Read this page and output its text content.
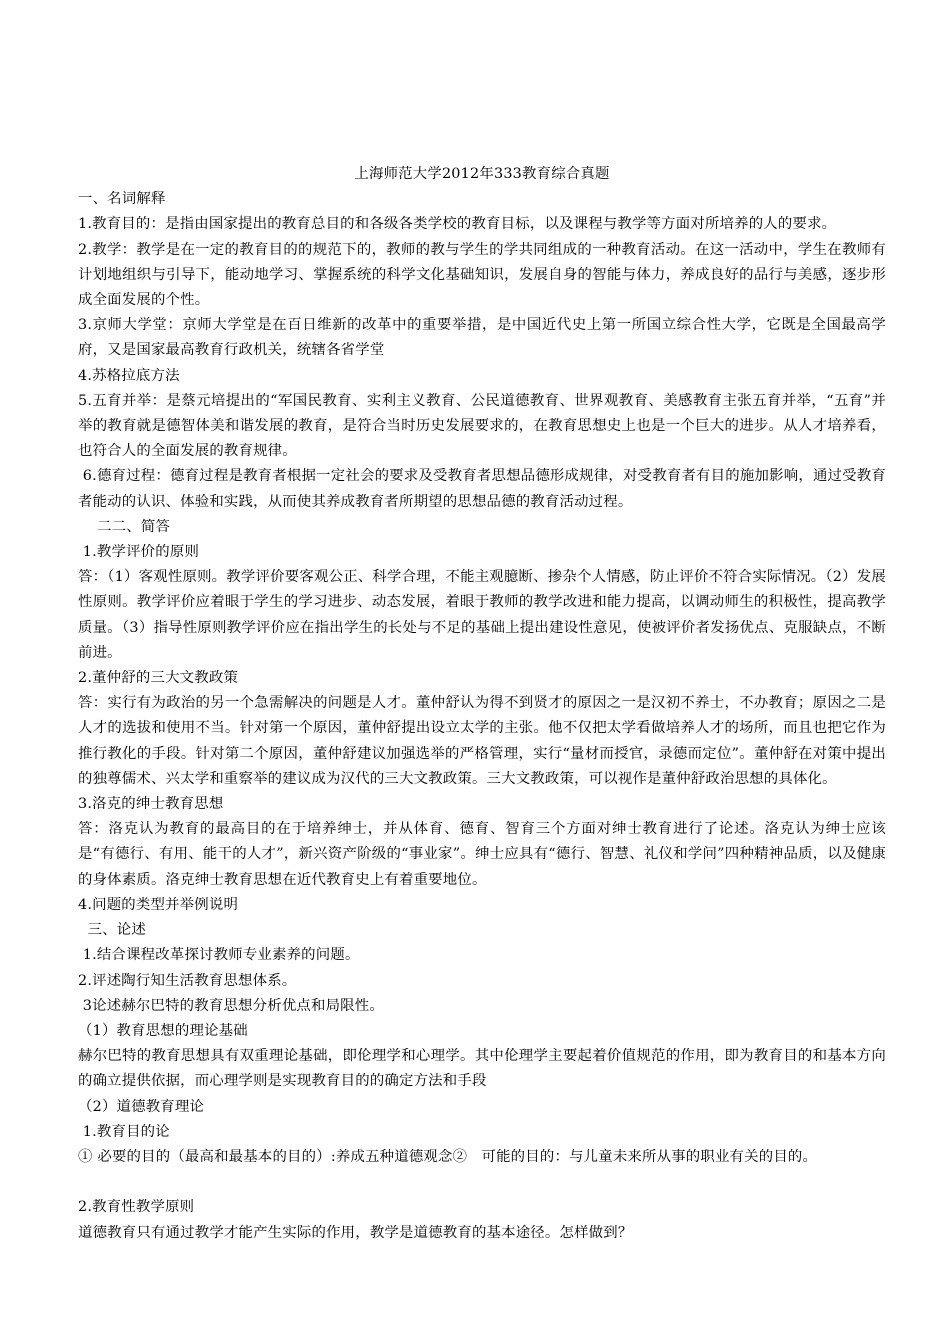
上海师范大学2012年333教育综合真题

一、名词解释

1.教育目的：是指由国家提出的教育总目的和各级各类学校的教育目标，以及课程与教学等方面对所培养的人的要求。

2.教学：教学是在一定的教育目的的规范下的，教师的教与学生的学共同组成的一种教育活动。在这一活动中，学生在教师有计划地组织与引导下，能动地学习、掌握系统的科学文化基础知识，发展自身的智能与体力，养成良好的品行与美感，逐步形成全面发展的个性。

3.京师大学堂：京师大学堂是在百日维新的改革中的重要举措，是中国近代史上第一所国立综合性大学，它既是全国最高学府，又是国家最高教育行政机关，统辖各省学堂

4.苏格拉底方法

5.五育并举：是蔡元培提出的“军国民教育、实利主义教育、公民道德教育、世界观教育、美感教育主张五育并举，“五育”并举的教育就是德智体美和谐发展的教育，是符合当时历史发展要求的，在教育思想史上也是一个巨大的进步。从人才培养看，也符合人的全面发展的教育规律。

6.德育过程：德育过程是教育者根据一定社会的要求及受教育者思想品德形成规律，对受教育者有目的施加影响，通过受教育者能动的认识、体验和实践，从而使其养成教育者所期望的思想品德的教育活动过程。

二二、简答

1.教学评价的原则

答：（1）客观性原则。教学评价要客观公正、科学合理，不能主观臆断、掺杂个人情感，防止评价不符合实际情况。（2）发展性原则。教学评价应着眼于学生的学习进步、动态发展，着眼于教师的教学改进和能力提高，以调动师生的积极性，提高教学质量。（3）指导性原则教学评价应在指出学生的长处与不足的基础上提出建设性意见，使被评价者发扬优点、克服缺点，不断前进。

2.董仲舒的三大文教政策

答：实行有为政治的另一个急需解决的问题是人才。董仲舒认为得不到贤才的原因之一是汉初不养士，不办教育；原因之二是人才的选拔和使用不当。针对第一个原因，董仲舒提出设立太学的主张。他不仅把太学看做培养人才的场所，而且也把它作为推行教化的手段。针对第二个原因，董仲舒建议加强选举的严格管理，实行“量材而授官，录德而定位”。董仲舒在对策中提出的独尊儒术、兴太学和重察举的建议成为汉代的三大文教政策。三大文教政策，可以视作是董仲舒政治思想的具体化。

3.洛克的绅士教育思想

答：洛克认为教育的最高目的在于培养绅士，并从体育、德育、智育三个方面对绅士教育进行了论述。洛克认为绅士应该是“有德行、有用、能干的人才”，新兴资产阶级的“事业家”。绅士应具有“德行、智慧、礼仪和学问”四种精神品质，以及健康的身体素质。洛克绅士教育思想在近代教育史上有着重要地位。

4.问题的类型并举例说明

三、论述

1.结合课程改革探讨教师专业素养的问题。

2.评述陶行知生活教育思想体系。

3论述赫尔巴特的教育思想分析优点和局限性。

（1）教育思想的理论基础

赫尔巴特的教育思想具有双重理论基础，即伦理学和心理学。其中伦理学主要起着价值规范的作用，即为教育目的和基本方向的确立提供依据，而心理学则是实现教育目的的确定方法和手段

（2）道德教育理论

1.教育目的论

① 必要的目的（最高和最基本的目的）:养成五种道德观念②   可能的目的：与儿童未来所从事的职业有关的目的。

2.教育性教学原则

道德教育只有通过教学才能产生实际的作用，教学是道德教育的基本途径。怎样做到？
